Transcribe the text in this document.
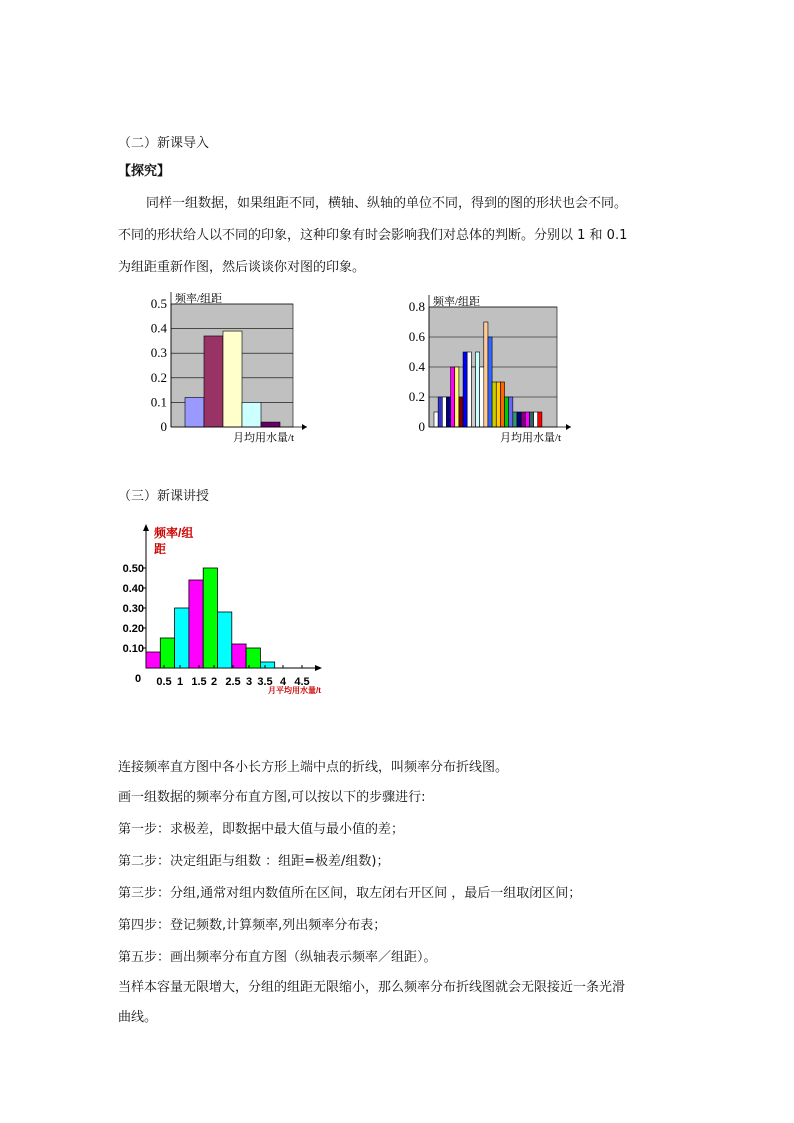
（二）新课导入
【探究】
同样一组数据，如果组距不同，横轴、纵轴的单位不同，得到的图的形状也会不同。
不同的形状给人以不同的印象，这种印象有时会影响我们对总体的判断。分别以 1 和 0.1
为组距重新作图，然后谈谈你对图的印象。
0
0.1
0.2
0.3
0.4
0.5 频率/组距
月均用水量/t
0
0.2
0.4
0.6
0.8 频率/组距
月均用水量/t
（三）新课讲授
频率/组
距
0
0.10
0.20
0.30
0.40
0.50
0.5 1 1.5 2 2.5 3 3.5 4 4.5
月平均用水量/t
连接频率直方图中各小长方形上端中点的折线，叫频率分布折线图。
画一组数据的频率分布直方图,可以按以下的步骤进行:
第一步：求极差，即数据中最大值与最小值的差；
第二步：决定组距与组数 ：组距=极差/组数)；
第三步：分组,通常对组内数值所在区间，取左闭右开区间 ，最后一组取闭区间；
第四步：登记频数,计算频率,列出频率分布表；
第五步：画出频率分布直方图（纵轴表示频率／组距）。
当样本容量无限增大，分组的组距无限缩小，那么频率分布折线图就会无限接近一条光滑
曲线。
